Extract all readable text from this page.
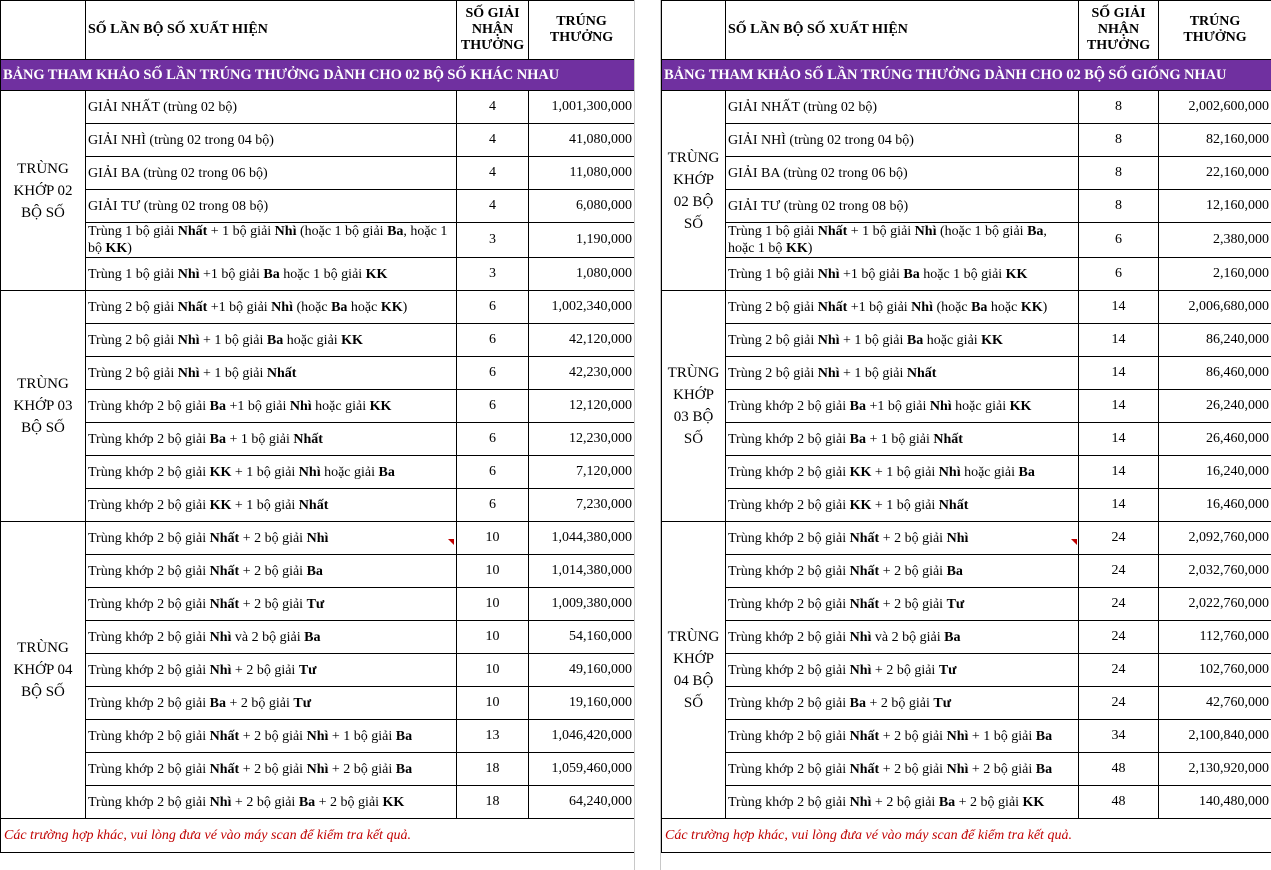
	SỐ LẦN BỘ SỐ XUẤT HIỆN	SỐ GIẢI NHẬN THƯỞNG	TRÚNG THƯỞNG
BẢNG THAM KHẢO SỐ LẦN TRÚNG THƯỞNG DÀNH CHO 02 BỘ SỐ KHÁC NHAU			
TRÙNG KHỚP 02 BỘ SỐ	GIẢI NHẤT (trùng 02 bộ)	4	1,001,300,000
	GIẢI NHÌ (trùng 02 trong 04 bộ)	4	41,080,000
	GIẢI BA (trùng 02 trong 06 bộ)	4	11,080,000
	GIẢI TƯ (trùng 02 trong 08 bộ)	4	6,080,000
	Trùng 1 bộ giải Nhất + 1 bộ giải Nhì (hoặc 1 bộ giải Ba, hoặc 1 bộ KK)	3	1,190,000
	Trùng 1 bộ giải Nhì +1 bộ giải Ba hoặc 1 bộ giải KK	3	1,080,000
TRÙNG KHỚP 03 BỘ SỐ	Trùng 2 bộ giải Nhất +1 bộ giải Nhì (hoặc Ba hoặc KK)	6	1,002,340,000
	Trùng 2 bộ giải Nhì + 1 bộ giải Ba hoặc giải KK	6	42,120,000
	Trùng 2 bộ giải Nhì + 1 bộ giải Nhất	6	42,230,000
	Trùng khớp 2 bộ giải Ba +1 bộ giải Nhì hoặc giải KK	6	12,120,000
	Trùng khớp 2 bộ giải Ba + 1 bộ giải Nhất	6	12,230,000
	Trùng khớp 2 bộ giải KK + 1 bộ giải Nhì hoặc giải Ba	6	7,120,000
	Trùng khớp 2 bộ giải KK + 1 bộ giải Nhất	6	7,230,000
TRÙNG KHỚP 04 BỘ SỐ	Trùng khớp 2 bộ giải Nhất + 2 bộ giải Nhì	10	1,044,380,000
	Trùng khớp 2 bộ giải Nhất + 2 bộ giải Ba	10	1,014,380,000
	Trùng khớp 2 bộ giải Nhất + 2 bộ giải Tư	10	1,009,380,000
	Trùng khớp 2 bộ giải Nhì và 2 bộ giải Ba	10	54,160,000
	Trùng khớp 2 bộ giải Nhì + 2 bộ giải Tư	10	49,160,000
	Trùng khớp 2 bộ giải Ba + 2 bộ giải Tư	10	19,160,000
	Trùng khớp 2 bộ giải Nhất + 2 bộ giải Nhì + 1 bộ giải Ba	13	1,046,420,000
	Trùng khớp 2 bộ giải Nhất + 2 bộ giải Nhì + 2 bộ giải Ba	18	1,059,460,000
	Trùng khớp 2 bộ giải Nhì + 2 bộ giải Ba + 2 bộ giải KK	18	64,240,000
Các trường hợp khác, vui lòng đưa vé vào máy scan để kiểm tra kết quả.			
	SỐ LẦN BỘ SỐ XUẤT HIỆN	SỐ GIẢI NHẬN THƯỞNG	TRÚNG THƯỞNG
BẢNG THAM KHẢO SỐ LẦN TRÚNG THƯỞNG DÀNH CHO 02 BỘ SỐ GIỐNG NHAU			
TRÙNG KHỚP 02 BỘ SỐ	GIẢI NHẤT (trùng 02 bộ)	8	2,002,600,000
	GIẢI NHÌ (trùng 02 trong 04 bộ)	8	82,160,000
	GIẢI BA (trùng 02 trong 06 bộ)	8	22,160,000
	GIẢI TƯ (trùng 02 trong 08 bộ)	8	12,160,000
	Trùng 1 bộ giải Nhất + 1 bộ giải Nhì (hoặc 1 bộ giải Ba, hoặc 1 bộ KK)	6	2,380,000
	Trùng 1 bộ giải Nhì +1 bộ giải Ba hoặc 1 bộ giải KK	6	2,160,000
TRÙNG KHỚP 03 BỘ SỐ	Trùng 2 bộ giải Nhất +1 bộ giải Nhì (hoặc Ba hoặc KK)	14	2,006,680,000
	Trùng 2 bộ giải Nhì + 1 bộ giải Ba hoặc giải KK	14	86,240,000
	Trùng 2 bộ giải Nhì + 1 bộ giải Nhất	14	86,460,000
	Trùng khớp 2 bộ giải Ba +1 bộ giải Nhì hoặc giải KK	14	26,240,000
	Trùng khớp 2 bộ giải Ba + 1 bộ giải Nhất	14	26,460,000
	Trùng khớp 2 bộ giải KK + 1 bộ giải Nhì hoặc giải Ba	14	16,240,000
	Trùng khớp 2 bộ giải KK + 1 bộ giải Nhất	14	16,460,000
TRÙNG KHỚP 04 BỘ SỐ	Trùng khớp 2 bộ giải Nhất + 2 bộ giải Nhì	24	2,092,760,000
	Trùng khớp 2 bộ giải Nhất + 2 bộ giải Ba	24	2,032,760,000
	Trùng khớp 2 bộ giải Nhất + 2 bộ giải Tư	24	2,022,760,000
	Trùng khớp 2 bộ giải Nhì và 2 bộ giải Ba	24	112,760,000
	Trùng khớp 2 bộ giải Nhì + 2 bộ giải Tư	24	102,760,000
	Trùng khớp 2 bộ giải Ba + 2 bộ giải Tư	24	42,760,000
	Trùng khớp 2 bộ giải Nhất + 2 bộ giải Nhì + 1 bộ giải Ba	34	2,100,840,000
	Trùng khớp 2 bộ giải Nhất + 2 bộ giải Nhì + 2 bộ giải Ba	48	2,130,920,000
	Trùng khớp 2 bộ giải Nhì + 2 bộ giải Ba + 2 bộ giải KK	48	140,480,000
Các trường hợp khác, vui lòng đưa vé vào máy scan để kiểm tra kết quả.			
